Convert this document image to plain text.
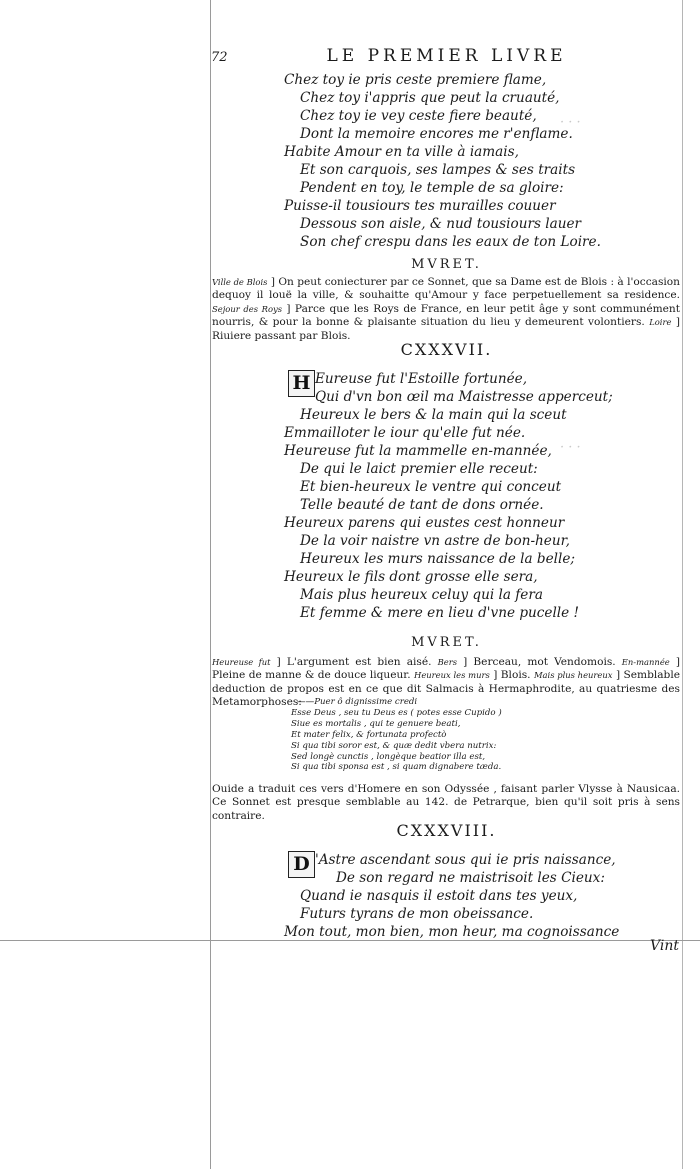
· · ·
· · ·
72	LE PREMIER LIVRE
Chez toy ie pris ceste premiere flame,
Chez toy i'appris que peut la cruauté,
Chez toy ie vey ceste fiere beauté,
Dont la memoire encores me r'enflame.
Habite Amour en ta ville à iamais,
Et son carquois, ses lampes & ses traits
Pendent en toy, le temple de sa gloire:
Puisse-il tousiours tes murailles couuer
Dessous son aisle, & nud tousiours lauer
Son chef crespu dans les eaux de ton Loire.
MVRET.
Ville de Blois ] On peut coniecturer par ce Sonnet, que sa Dame est de Blois : à l'occasion dequoy il louë la ville, & souhaitte qu'Amour y face perpetuellement sa residence. Sejour des Roys ] Parce que les Roys de France, en leur petit âge y sont communément nourris, & pour la bonne & plaisante situation du lieu y demeurent volontiers. Loire ] Riuiere passant par Blois.
CXXXVII.
H Eureuse fut l'Estoille fortunée,
Qui d'vn bon œil ma Maistresse apperceut;
Heureux le bers & la main qui la sceut
Emmailloter le iour qu'elle fut née.
Heureuse fut la mammelle en-mannée,
De qui le laict premier elle receut:
Et bien-heureux le ventre qui conceut
Telle beauté de tant de dons ornée.
Heureux parens qui eustes cest honneur
De la voir naistre vn astre de bon-heur,
Heureux les murs naissance de la belle;
Heureux le fils dont grosse elle sera,
Mais plus heureux celuy qui la fera
Et femme & mere en lieu d'vne pucelle !
MVRET.
Heureuse fut ] L'argument est bien aisé. Bers ] Berceau, mot Vendomois. En-mannée ] Pleine de manne & de douce liqueur. Heureux les murs ] Blois. Mais plus heureux ] Semblable deduction de propos est en ce que dit Salmacis à Hermaphrodite, au quatriesme des Metamorphoses:
——Puer ô dignissime credi
Esse Deus , seu tu Deus es ( potes esse Cupido )
Siue es mortalis , qui te genuere beati,
Et mater felix, & fortunata profectò
Si qua tibi soror est, & quæ dedit vbera nutrix:
Sed longè cunctis , longèque beatior illa est,
Si qua tibi sponsa est , si quam dignabere tæda.
Ouide a traduit ces vers d'Homere en son Odyssée , faisant parler Vlysse à Nausicaa. Ce Sonnet est presque semblable au 142. de Petrarque, bien qu'il soit pris à sens contraire.
CXXXVIII.
D 'Astre ascendant sous qui ie pris naissance,
De son regard ne maistrisoit les Cieux:
Quand ie nasquis il estoit dans tes yeux,
Futurs tyrans de mon obeissance.
Mon tout, mon bien, mon heur, ma cognoissance
Vint
